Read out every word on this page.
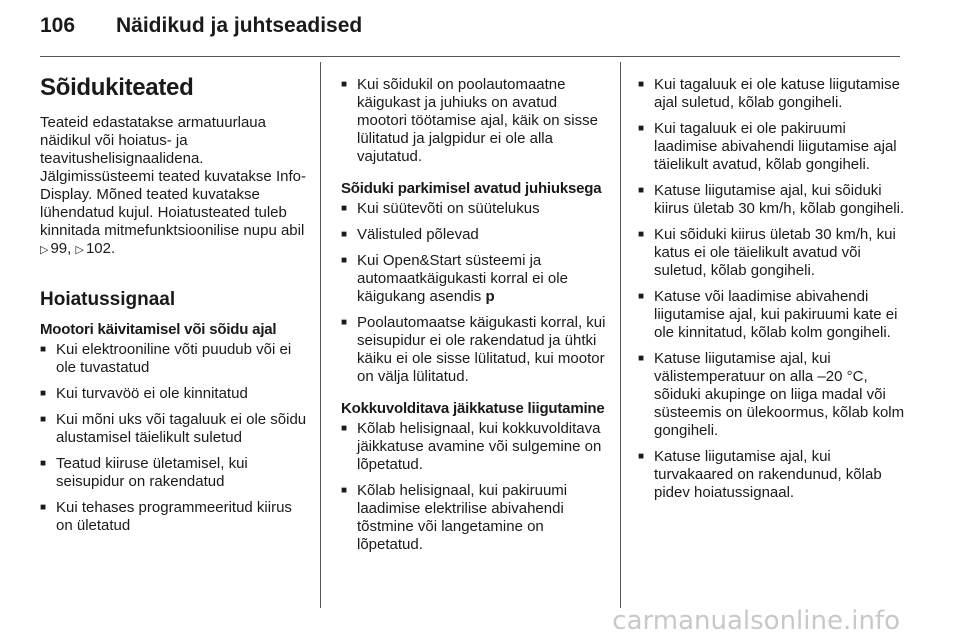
106 Näidikud ja juhtseadised
Sõidukiteated

Teateid edastatakse armatuurlaua näidikul või hoiatus- ja teavitushelisignaalidena. Jälgimissüsteemi teated kuvatakse Info-Display. Mõned teated kuvatakse lühendatud kujul. Hoiatusteated tuleb kinnitada mitmefunktsioonilise nupu abil ▷ 99, ▷ 102.

Hoiatussignaal
Mootori käivitamisel või sõidu ajal
■ Kui elektrooniline võti puudub või ei ole tuvastatud
■ Kui turvavöö ei ole kinnitatud
■ Kui mõni uks või tagaluuk ei ole sõidu alustamisel täielikult suletud
■ Teatud kiiruse ületamisel, kui seisupidur on rakendatud
■ Kui tehases programmeeritud kiirus on ületatud
■ Kui sõidukil on poolautomaatne käigukast ja juhiuks on avatud mootori töötamise ajal, käik on sisse lülitatud ja jalgpidur ei ole alla vajutatud.
Sõiduki parkimisel avatud juhiuksega
■ Kui süütevõti on süütelukus
■ Välistuled põlevad
■ Kui Open&Start süsteemi ja automaatkäigukasti korral ei ole käigukang asendis p
■ Poolautomaatse käigukasti korral, kui seisupidur ei ole rakendatud ja ühtki käiku ei ole sisse lülitatud, kui mootor on välja lülitatud.
Kokkuvolditava jäikkatuse liigutamine
■ Kõlab helisignaal, kui kokkuvolditava jäikkatuse avamine või sulgemine on lõpetatud.
■ Kõlab helisignaal, kui pakiruumi laadimise elektrilise abivahendi tõstmine või langetamine on lõpetatud.
■ Kui tagaluuk ei ole katuse liigutamise ajal suletud, kõlab gongiheli.
■ Kui tagaluuk ei ole pakiruumi laadimise abivahendi liigutamise ajal täielikult avatud, kõlab gongiheli.
■ Katuse liigutamise ajal, kui sõiduki kiirus ületab 30 km/h, kõlab gongiheli.
■ Kui sõiduki kiirus ületab 30 km/h, kui katus ei ole täielikult avatud või suletud, kõlab gongiheli.
■ Katuse või laadimise abivahendi liigutamise ajal, kui pakiruumi kate ei ole kinnitatud, kõlab kolm gongiheli.
■ Katuse liigutamise ajal, kui välistemperatuur on alla –20 °C, sõiduki akupinge on liiga madal või süsteemis on ülekoormus, kõlab kolm gongiheli.
■ Katuse liigutamise ajal, kui turvakaared on rakendunud, kõlab pidev hoiatussignaal.
carmanualsonline.info
